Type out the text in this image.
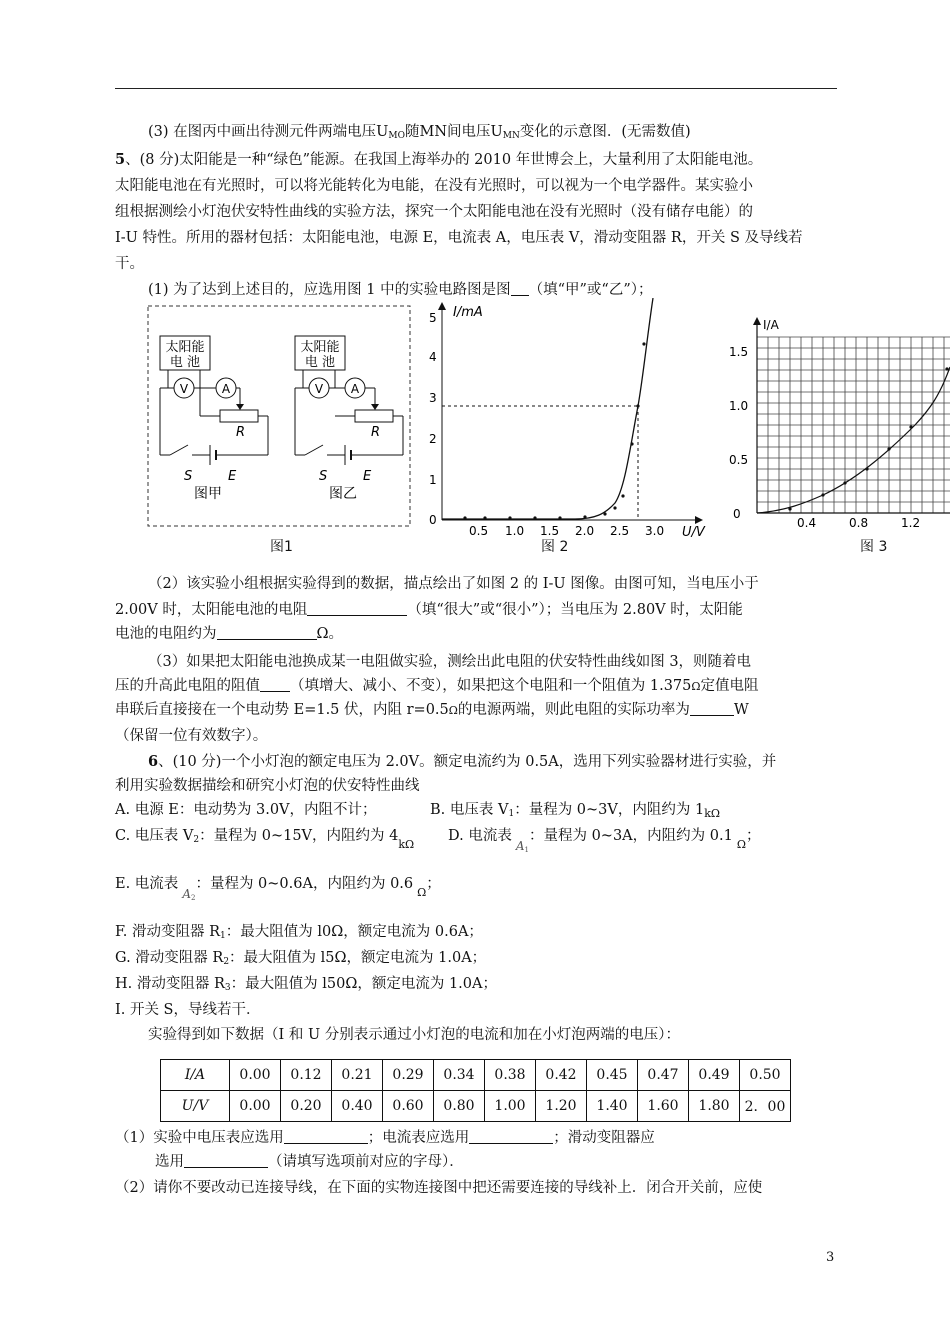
(3) 在图丙中画出待测元件两端电压$U_{MO}$随MN间电压$U_{MN}$变化的示意图．(无需数值)
5、(8 分)太阳能是一种“绿色”能源。在我国上海举办的 2010 年世博会上，大量利用了太阳能电池。
太阳能电池在有光照时，可以将光能转化为电能，在没有光照时，可以视为一个电学器件。某实验小
组根据测绘小灯泡伏安特性曲线的实验方法，探究一个太阳能电池在没有光照时（没有储存电能）的
I-U 特性。所用的器材包括：太阳能电池，电源 E，电流表 A，电压表 V，滑动变阻器 R，开关 S 及导线若
干。
(1) 为了达到上述目的，应选用图 1 中的实验电路图是图 （填“甲”或“乙”）；
太阳能
电 池
V	A
R
S	E
图甲
太阳能
电 池
V A
R
S	E
图乙
图1
I/mA
U/V
0
1
2
3
4
5
0.5 1.0 1.5 2.0 2.5 3.0
图 2
I/A
0
0.5
1.0
1.5
0.4	0.8	1.2
图 3
（2）该实验小组根据实验得到的数据，描点绘出了如图 2 的 I-U 图像。由图可知，当电压小于
2.00V 时，太阳能电池的电阻	（填“很大”或“很小”）；当电压为 2.80V 时，太阳能
电池的电阻约为	Ω。
（3）如果把太阳能电池换成某一电阻做实验，测绘出此电阻的伏安特性曲线如图 3，则随着电
压的升高此电阻的阻值 （填增大、减小、不变），如果把这个电阻和一个阻值为 1.375Ω定值电阻
串联后直接接在一个电动势 E=1.5 伏，内阻 r=0.5Ω的电源两端，则此电阻的实际功率为	W
（保留一位有效数字）。
6、(10 分)一个小灯泡的额定电压为 2.0V。额定电流约为 0.5A，选用下列实验器材进行实验，并
利用实验数据描绘和研究小灯泡的伏安特性曲线
A. 电源 E：电动势为 3.0V，内阻不计；	B. 电压表 $V_1$：量程为 0~3V，内阻约为 $1_{k\Omega}$
C. 电压表 $V_2$：量程为 0~15V，内阻约为 $4_{k\Omega}$
D. 电流表$_{A1}$：量程为 0~3A，内阻约为 $0.1_\Omega$；
E. 电流表$_{A2}$：量程为 0~0.6A，内阻约为 $0.6_\Omega$；
F. 滑动变阻器 $R_1$：最大阻值为 l0Ω，额定电流为 0.6A；
G. 滑动变阻器 $R_2$：最大阻值为 l5Ω，额定电流为 1.0A；
H. 滑动变阻器 $R_3$：最大阻值为 l50Ω，额定电流为 1.0A；
I. 开关 S，导线若干．
实验得到如下数据（I 和 U 分别表示通过小灯泡的电流和加在小灯泡两端的电压）：
I/A	0.00	0.12	0.21	0.29	0.34	0.38	0.42	0.45	0.47	0.49	0.50
U/V	0.00	0.20	0.40	0.60	0.80	1.00	1.20	1.40	1.60	1.80	2．00
（1）实验中电压表应选用	；电流表应选用	；滑动变阻器应
选用	（请填写选项前对应的字母）．
（2）请你不要改动已连接导线，在下面的实物连接图中把还需要连接的导线补上．闭合开关前，应使
3
